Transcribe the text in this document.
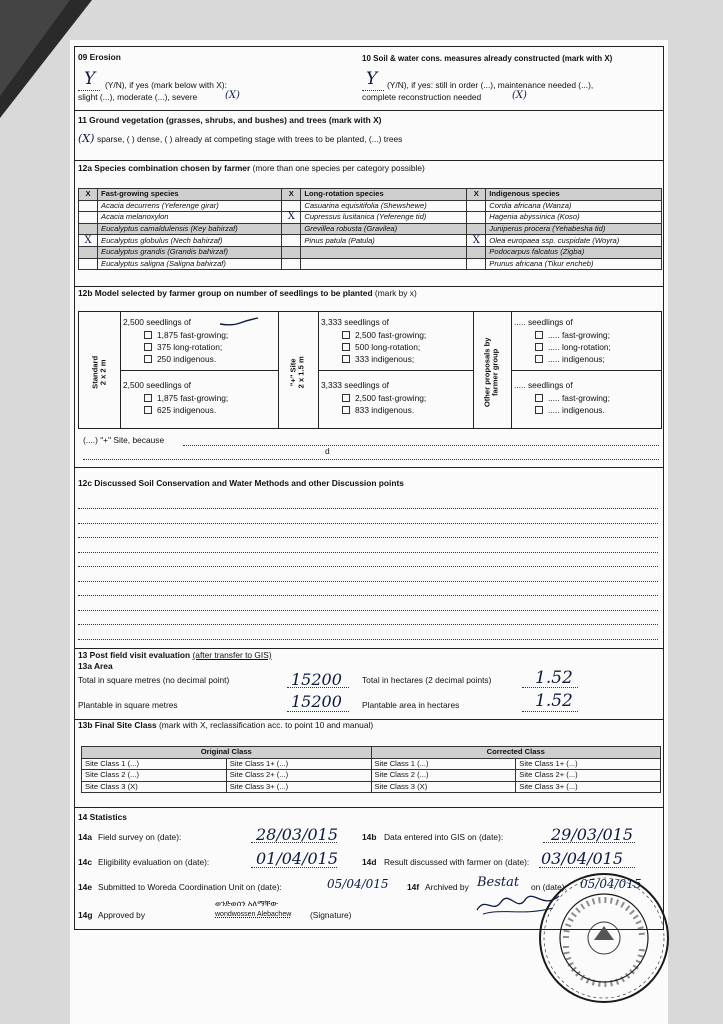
09 Erosion
Y (Y/N), if yes (mark below with X):
slight (...), moderate (...), severe	(X)
10 Soil & water cons. measures already constructed (mark with X)
Y (Y/N), if yes: still in order (...), maintenance needed (...),
complete reconstruction needed	(X)
11 Ground vegetation (grasses, shrubs, and bushes) and trees (mark with X)
(X) sparse, ( ) dense, ( ) already at competing stage with trees to be planted, (...) trees
12a Species combination chosen by farmer (more than one species per category possible)
X	Fast-growing species	X	Long-rotation species	X	Indigenous species
	Acacia decurrens (Yeferenge girar)		Casuarina equisitifolia (Shewshewe)		Cordia africana (Wanza)
	Acacia melanoxylon	X	Cupressus lusitanica (Yeferenge tid)		Hagenia abyssinica (Koso)
	Eucalyptus camaldulensis (Key bahirzaf)		Grevillea robusta (Gravilea)		Juniperus procera (Yehabesha tid)
X	Eucalyptus globulus (Nech bahirzaf)		Pinus patula (Patula)	X	Olea europaea ssp. cuspidate (Woyra)
	Eucalyptus grandis (Grandis bahirzaf)				Podocarpus falcatus (Zigba)
	Eucalyptus saligna (Saligna bahirzaf)				Prunus africana (Tikur encheb)
12b Model selected by farmer group on number of seedlings to be planted (mark by x)
Standard
2 x 2 m
2,500 seedlings of
1,875 fast-growing;
375 long-rotation;
250 indigenous.
2,500 seedlings of
1,875 fast-growing;
625 indigenous.
"+" Site
2 x 1.5 m
3,333 seedlings of
2,500 fast-growing;
500 long-rotation;
333 indigenous;
3,333 seedlings of
2,500 fast-growing;
833 indigenous.
Other proposals by
farmer group
..... seedlings of
..... fast-growing;
..... long-rotation;
..... indigenous;
..... seedlings of
..... fast-growing;
..... indigenous.
(....) "+" Site, because
d
12c Discussed Soil Conservation and Water Methods and other Discussion points
13 Post field visit evaluation (after transfer to GIS)
13a Area
Total in square metres (no decimal point)	15200 Total in hectares (2 decimal points)	1.52
Plantable in square metres	15200 Plantable area in hectares	1.52
13b Final Site Class (mark with X, reclassification acc. to point 10 and manual)
Original Class		Corrected Class	
Site Class 1 (...)	Site Class 1+ (...)	Site Class 1 (...)	Site Class 1+ (...)
Site Class 2 (...)	Site Class 2+ (...)	Site Class 2 (...)	Site Class 2+ (...)
Site Class 3 (X)	Site Class 3+ (...)	Site Class 3 (X)	Site Class 3+ (...)
14 Statistics
14a Field survey on (date):	28/03/015	14b Data entered into GIS on (date):	29/03/015
14c Eligibility evaluation on (date):	01/04/015	14d Result discussed with farmer on (date): 03/04/015
14e Submitted to Woreda Coordination Unit on (date):	05/04/015 14f Archived by Bestat on (date): 05/04/015
14g Approved by
ወንድወሰን አለማቸው
wondwossen Alebachew (Signature)
